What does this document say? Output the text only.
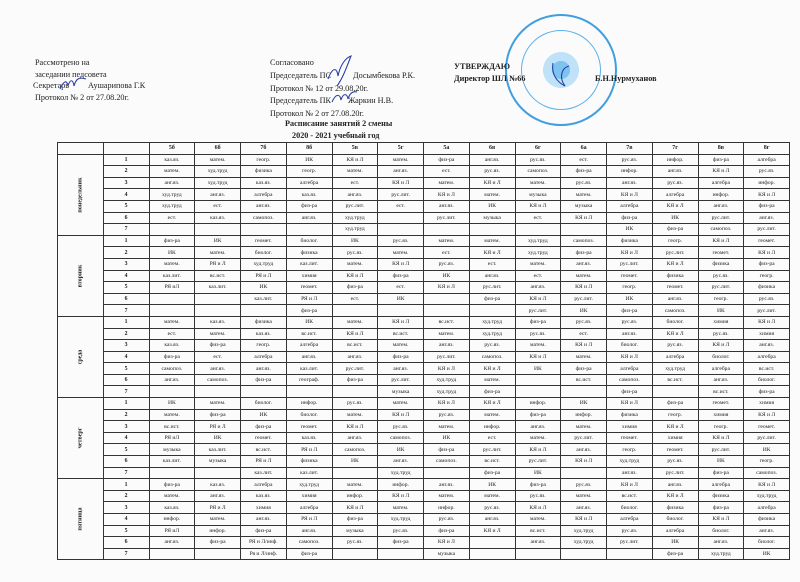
Рассмотрено на
заседании педсовета
Секретарь Аушарипова Г.К
Протокол № 2 от 27.08.20г.
Согласовано
Председатель ПС	Досымбекова Р.К.
Протокол № 12 от 29.08.20г.
Председатель ПК Жаркин Н.В.
Протокол № 2 от 27.08.20г.
Расписание занятий 2 смены
2020 - 2021 учебный год
УТВЕРЖДАЮ
Директор ШЛ №66	Б.Н.Нурмуханов
		5б	6б	7б	8б	5в	5г	5а	6в	6г	6а	7в	7г	8в	8г

понедельник	1	каз.яз.	матем.	геогр.	ИК	КЯ и Л	матем.	физ-ра	анг.яз.	рус.яз.	ест.	рус.яз.	инфор.	физ-ра	алгебра
	2	матем.	худ.труд	физика	геогр.	матем.	анг.яз.	ест.	рус.яз.	самопоз.	физ-ра	инфор.	анг.яз.	КЯ и Л	рус.яз.
	3	анг.яз.	худ.труд	каз.яз.	алгебра	ест.	КЯ и Л	матем.	КЯ и Л	матем.	рус.яз.	анг.яз.	рус.яз.	алгебра	инфор.
	4	худ.труд	анг.яз.	алгебра	каз.яз.	анг.яз.	рус.лит.	КЯ и Л	матем.	музыка	матем.	КЯ и Л	алгебра	инфор.	КЯ и Л
	5	худ.труд	ест.	анг.яз.	физ-ра	рус.лит.	ест.	анг.яз.	ИК	КЯ и Л	музыка	алгебра	КЯ и Л	анг.яз.	физ-ра
	6	ест.	каз.яз.	самопоз.	анг.яз.	худ.труд		рус.лит.	музыка	ест.	КЯ и Л	физ-ра	ИК	рус.лит.	анг.яз.
	7					худ.труд						ИК	физ-ра	самопоз.	рус.лит.

вторник	1	физ-ра	ИК	геомет.	биолог.	ИК	рус.яз.	матем.	матем.	худ.труд	самопоз.	физика	геогр.	КЯ и Л	геомет.
	2	ИК	матем.	биолог.	физика	рус.яз.	матем.	ест.	КЯ и Л	худ.труд	физ-ра	КЯ и Л	рус.лит.	геомет.	КЯ и Л
	3	матем.	РЯ и Л	худ.труд	каз.лит.	матем.	КЯ и Л	рус.яз.	ест.	матем.	анг.яз.	рус.лит.	КЯ и Л	физика	физ-ра
	4	каз.лит.	вс.ист.	РЯ и Л	химия	КЯ и Л	физ-ра	ИК	анг.яз.	ест.	матем.	геомет.	физика	рус.яз.	геогр.
	5	РЯ иЛ	каз.лит.	ИК	геомет.	физ-ра	ест.	КЯ и Л	рус.лит.	анг.яз.	КЯ и Л	геогр.	геомет.	рус.лит.	физика
	6			каз.лит.	РЯ и Л	ест.	ИК		физ-ра	КЯ и Л	рус.лит.	ИК	анг.яз.	геогр.	рус.яз.
	7				физ-ра					рус.лит.	ИК	физ-ра	самопоз.	ИК	рус.лит.

среда	1	матем.	каз.яз.	физика	ИК	матем.	КЯ и Л	вс.ист.	худ.труд	физ-ра	рус.яз.	рус.яз.	биолог.	химия	КЯ и Л
	2	ест.	матем.	каз.яз.	вс.ист.	КЯ и Л	вс.ист.	матем.	худ.труд	рус.яз.	ест.	анг.яз.	КЯ и Л	рус.яз.	химия
	3	каз.яз.	физ-ра	геогр.	алгебра	вс.ист.	матем.	анг.яз.	рус.яз.	матем.	КЯ и Л	биолог.	рус.яз.	КЯ и Л	анг.яз.
	4	физ-ра	ест.	алгебра	анг.яз.	анг.яз.	физ-ра	рус.лит.	самопоз.	КЯ и Л	матем.	КЯ и Л	алгебра	биолог.	алгебра
	5	самопоз.	анг.яз.	анг.яз.	каз.лит.	рус.лит.	анг.яз.	КЯ и Л	КЯ и Л	ИК	физ-ра	алгебра	худ.труд	алгебра	вс.ист.
	6	анг.яз.	самопоз.	физ-ра	географ.	физ-ра	рус.лит.	худ.труд	матем.		вс.ист.	самопоз.	вс.ист.	анг.яз.	биолог.
	7						музыка	худ.труд	физ-ра			физ-ра		вс.ист.	физ-ра

четверг	1	ИК	матем.	биолог.	инфор.	рус.яз.	матем.	КЯ и Л	КЯ и Л	инфор.	ИК	КЯ и Л	физ-ра	геомет.	химия
	2	матем.	физ-ра	ИК	биолог.	матем.	КЯ и Л	рус.яз.	матем.	физ-ра	инфор.	физика	геогр.	химия	КЯ и Л
	3	вс.ист.	РЯ и Л	физ-ра	геомет.	КЯ и Л	рус.яз.	матем.	инфор.	анг.яз.	матем.	химия	КЯ и Л	геогр.	геомет.
	4	РЯ иЛ	ИК	геомет.	каз.яз.	анг.яз.	самопоз.	ИК	ест.	матем.	рус.лит.	геомет.	химия	КЯ и Л	рус.лит.
	5	музыка	каз.лит.	вс.ист.	РЯ и Л	самопоз.	ИК	физ-ра	рус.лит.	КЯ и Л	анг.яз.	геогр.	геомет.	рус.лит.	ИК
	6	каз.лит.	музыка	РЯ и Л	физика	ИК	анг.яз.	самопоз.	вс.ист.	рус.лит.	КЯ и Л	худ.труд	рус.яз.	ИК	геогр.
	7			каз.лит.	каз.лит.		худ.труд		физ-ра	ИК		анг.яз.	рус.лит.	физ-ра	самопоз.

пятница	1	физ-ра	каз.яз.	алгебра	худ.труд	матем.	инфор.	анг.яз.	ИК	физ-ра	рус.яз.	КЯ и Л	анг.яз.	алгебра	КЯ и Л
	2	матем.	анг.яз.	каз.яз.	химия	инфор.	КЯ и Л	матем.	матем.	рус.яз.	матем.	вс.ист.	КЯ и Л	физика	худ.труд
	3	каз.яз.	РЯ и Л	химия	алгебра	КЯ и Л	матем.	инфор.	рус.яз.	КЯ и Л	анг.яз.	биолог.	физика	физ-ра	алгебра
	4	инфор.	матем.	анг.яз.	РЯ и Л	физ-ра	худ.труд	рус.яз.	анг.яз.	матем.	КЯ и Л	алгебра	биолог.	КЯ и Л	физика
	5	РЯ иЛ	инфор.	физ-ра	анг.яз.	музыка	рус.яз.	физ-ра	КЯ и Л	вс.ист.	худ.труд	рус.яз.	алгебра	биолог.	анг.яз.
	6	анг.яз.	физ-ра	РЯ и Л/инф.	самопоз.	рус.яз.	физ-ра	КЯ и Л		анг.яз.	худ.труд	рус.лит.	ИК	анг.яз.	биолог.
	7			Ря и Л/инф.	физ-ра			музыка					физ-ра	худ.труд	ИК
